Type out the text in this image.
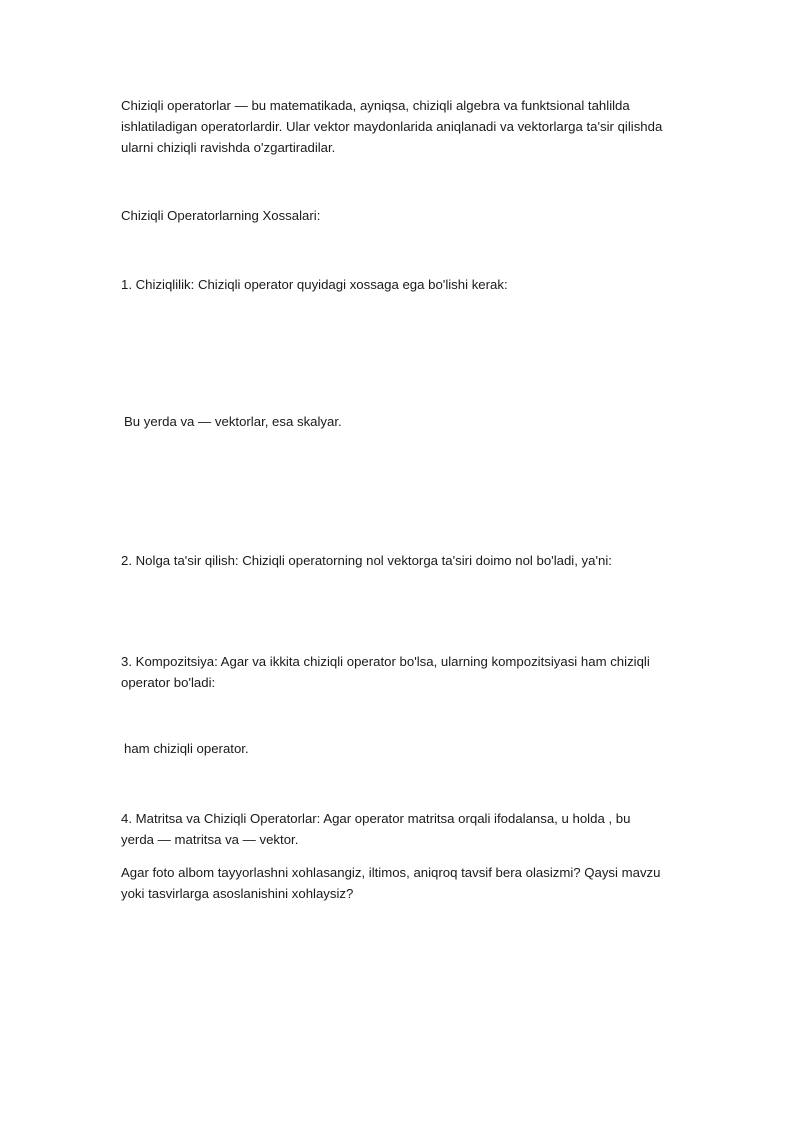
Chiziqli operatorlar — bu matematikada, ayniqsa, chiziqli algebra va funktsional tahlilda ishlatiladigan operatorlardir. Ular vektor maydonlarida aniqlanadi va vektorlarga ta'sir qilishda ularni chiziqli ravishda o'zgartiradilar.

Chiziqli Operatorlarning Xossalari:

1. Chiziqlilik: Chiziqli operator quyidagi xossaga ega bo'lishi kerak:

Bu yerda va — vektorlar, esa skalyar.

2. Nolga ta'sir qilish: Chiziqli operatorning nol vektorga ta'siri doimo nol bo'ladi, ya'ni:

3. Kompozitsiya: Agar va ikkita chiziqli operator bo'lsa, ularning kompozitsiyasi ham chiziqli operator bo'ladi:

ham chiziqli operator.

4. Matritsa va Chiziqli Operatorlar: Agar operator matritsa orqali ifodalansa, u holda , bu yerda — matritsa va — vektor.

Agar foto albom tayyorlashni xohlasangiz, iltimos, aniqroq tavsif bera olasizmi? Qaysi mavzu yoki tasvirlarga asoslanishini xohlaysiz?
